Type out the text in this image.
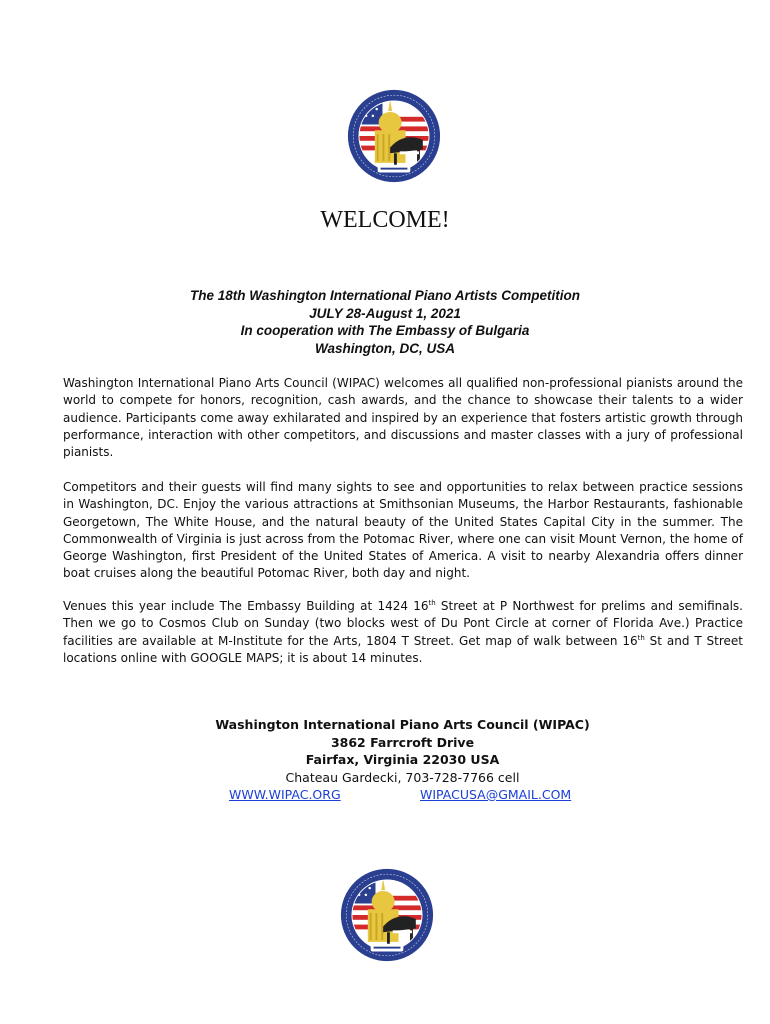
WELCOME!
The 18th Washington International Piano Artists Competition
JULY 28-August 1, 2021
In cooperation with The Embassy of Bulgaria
Washington, DC, USA

Washington International Piano Arts Council (WIPAC) welcomes all qualified non-professional pianists around the world to compete for honors, recognition, cash awards, and the chance to showcase their talents to a wider audience. Participants come away exhilarated and inspired by an experience that fosters artistic growth through performance, interaction with other competitors, and discussions and master classes with a jury of professional pianists.

Competitors and their guests will find many sights to see and opportunities to relax between practice sessions in Washington, DC. Enjoy the various attractions at Smithsonian Museums, the Harbor Restaurants, fashionable Georgetown, The White House, and the natural beauty of the United States Capital City in the summer. The Commonwealth of Virginia is just across from the Potomac River, where one can visit Mount Vernon, the home of George Washington, first President of the United States of America. A visit to nearby Alexandria offers dinner boat cruises along the beautiful Potomac River, both day and night.

Venues this year include The Embassy Building at 1424 16th Street at P Northwest for prelims and semifinals. Then we go to Cosmos Club on Sunday (two blocks west of Du Pont Circle at corner of Florida Ave.) Practice facilities are available at M-Institute for the Arts, 1804 T Street. Get map of walk between 16th St and T Street locations online with GOOGLE MAPS; it is about 14 minutes.

Washington International Piano Arts Council (WIPAC)
3862 Farrcroft Drive
Fairfax, Virginia 22030 USA
Chateau Gardecki, 703-728-7766 cell
WWW.WIPAC.ORG	WIPACUSA@GMAIL.COM
